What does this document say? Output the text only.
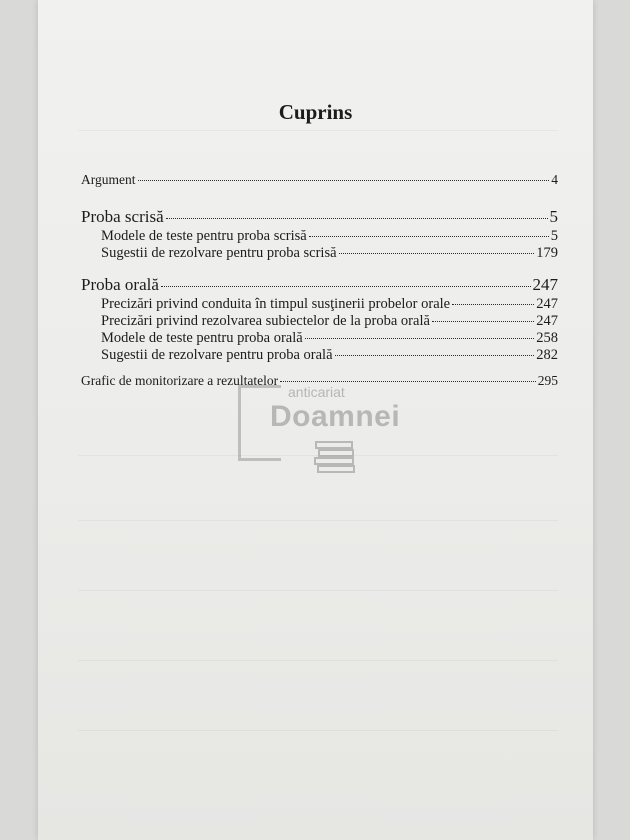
Cuprins
Argument	4
Proba scrisă	5
Modele de teste pentru proba scrisă	5
Sugestii de rezolvare pentru proba scrisă	179
Proba orală	247
Precizări privind conduita în timpul susţinerii probelor orale	247
Precizări privind rezolvarea subiectelor de la proba orală	247
Modele de teste pentru proba orală	258
Sugestii de rezolvare pentru proba orală	282
Grafic de monitorizare a rezultatelor	295
anticariat
Doamnei
